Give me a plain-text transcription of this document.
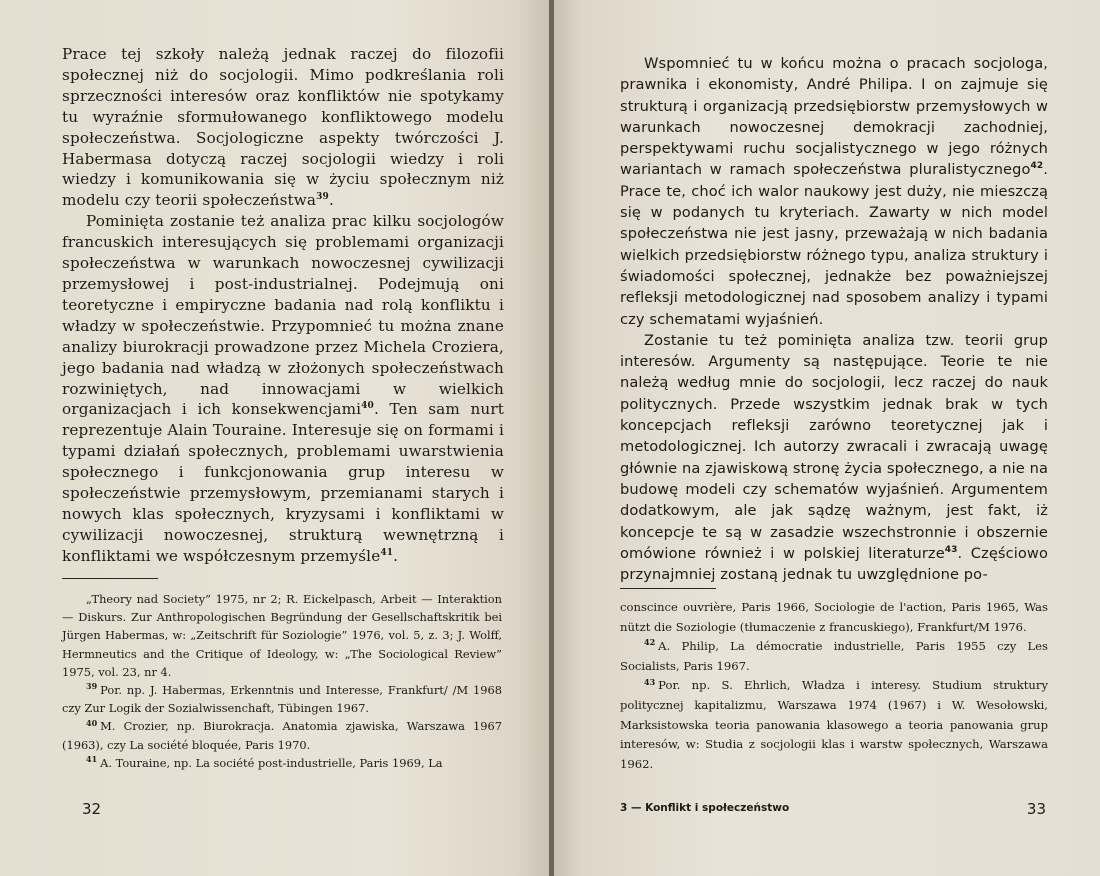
Prace tej szkoły należą jednak raczej do filozofii społecznej niż do socjologii. Mimo podkreślania roli sprzeczności interesów oraz konfliktów nie spotykamy tu wyraźnie sformułowanego konfliktowego modelu społeczeństwa. Socjologiczne aspekty twórczości J. Habermasa dotyczą raczej socjologii wiedzy i roli wiedzy i komunikowania się w życiu społecznym niż modelu czy teorii społeczeństwa$^{39}$.

Pominięta zostanie też analiza prac kilku socjologów francuskich interesujących się problemami organizacji społeczeństwa w warunkach nowoczesnej cywilizacji przemysłowej i post-industrialnej. Podejmują oni teoretyczne i empiryczne badania nad rolą konfliktu i władzy w społeczeństwie. Przypomnieć tu można znane analizy biurokracji prowadzone przez Michela Croziera, jego badania nad władzą w złożonych społeczeństwach rozwiniętych, nad innowacjami w wielkich organizacjach i ich konsekwencjami$^{40}$. Ten sam nurt reprezentuje Alain Touraine. Interesuje się on formami i typami działań społecznych, problemami uwarstwienia społecznego i funkcjonowania grup interesu w społeczeństwie przemysłowym, przemianami starych i nowych klas społecznych, kryzysami i konfliktami w cywilizacji nowoczesnej, strukturą wewnętrzną i konfliktami we współczesnym przemyśle$^{41}$.

„Theory nad Society” 1975, nr 2; R. Eickelpasch, Arbeit — Interaktion — Diskurs. Zur Anthropologischen Begründung der Gesellschaftskritik bei Jürgen Habermas, w: „Zeitschrift für Soziologie” 1976, vol. 5, z. 3; J. Wolff, Hermneutics and the Critique of Ideology, w: „The Sociological Review” 1975, vol. 23, nr 4.

$^{39}$ Por. np. J. Habermas, Erkenntnis und Interesse, Frankfurt/ /M 1968 czy Zur Logik der Sozialwissenchaft, Tübingen 1967.

$^{40}$ M. Crozier, np. Biurokracja. Anatomia zjawiska, Warszawa 1967 (1963), czy La société bloquée, Paris 1970.

$^{41}$ A. Touraine, np. La société post-industrielle, Paris 1969, La

32

Wspomnieć tu w końcu można o pracach socjologa, prawnika i ekonomisty, André Philipa. I on zajmuje się strukturą i organizacją przedsiębiorstw przemysłowych w warunkach nowoczesnej demokracji zachodniej, perspektywami ruchu socjalistycznego w jego różnych wariantach w ramach społeczeństwa pluralistycznego$^{42}$. Prace te, choć ich walor naukowy jest duży, nie mieszczą się w podanych tu kryteriach. Zawarty w nich model społeczeństwa nie jest jasny, przeważają w nich badania wielkich przedsiębiorstw różnego typu, analiza struktury i świadomości społecznej, jednakże bez poważniejszej refleksji metodologicznej nad sposobem analizy i typami czy schematami wyjaśnień.

Zostanie tu też pominięta analiza tzw. teorii grup interesów. Argumenty są następujące. Teorie te nie należą według mnie do socjologii, lecz raczej do nauk politycznych. Przede wszystkim jednak brak w tych koncepcjach refleksji zarówno teoretycznej jak i metodologicznej. Ich autorzy zwracali i zwracają uwagę głównie na zjawiskową stronę życia społecznego, a nie na budowę modeli czy schematów wyjaśnień. Argumentem dodatkowym, ale jak sądzę ważnym, jest fakt, iż koncepcje te są w zasadzie wszechstronnie i obszernie omówione również i w polskiej literaturze$^{43}$. Częściowo przynajmniej zostaną jednak tu uwzględnione po-

conscince ouvrière, Paris 1966, Sociologie de l'action, Paris 1965, Was nützt die Soziologie (tłumaczenie z francuskiego), Frankfurt/M 1976.

$^{42}$ A. Philip, La démocratie industrielle, Paris 1955 czy Les Socialists, Paris 1967.

$^{43}$ Por. np. S. Ehrlich, Władza i interesy. Studium struktury politycznej kapitalizmu, Warszawa 1974 (1967) i W. Wesołowski, Marksistowska teoria panowania klasowego a teoria panowania grup interesów, w: Studia z socjologii klas i warstw społecznych, Warszawa 1962.

3 — Konflikt i społeczeństwo	33
